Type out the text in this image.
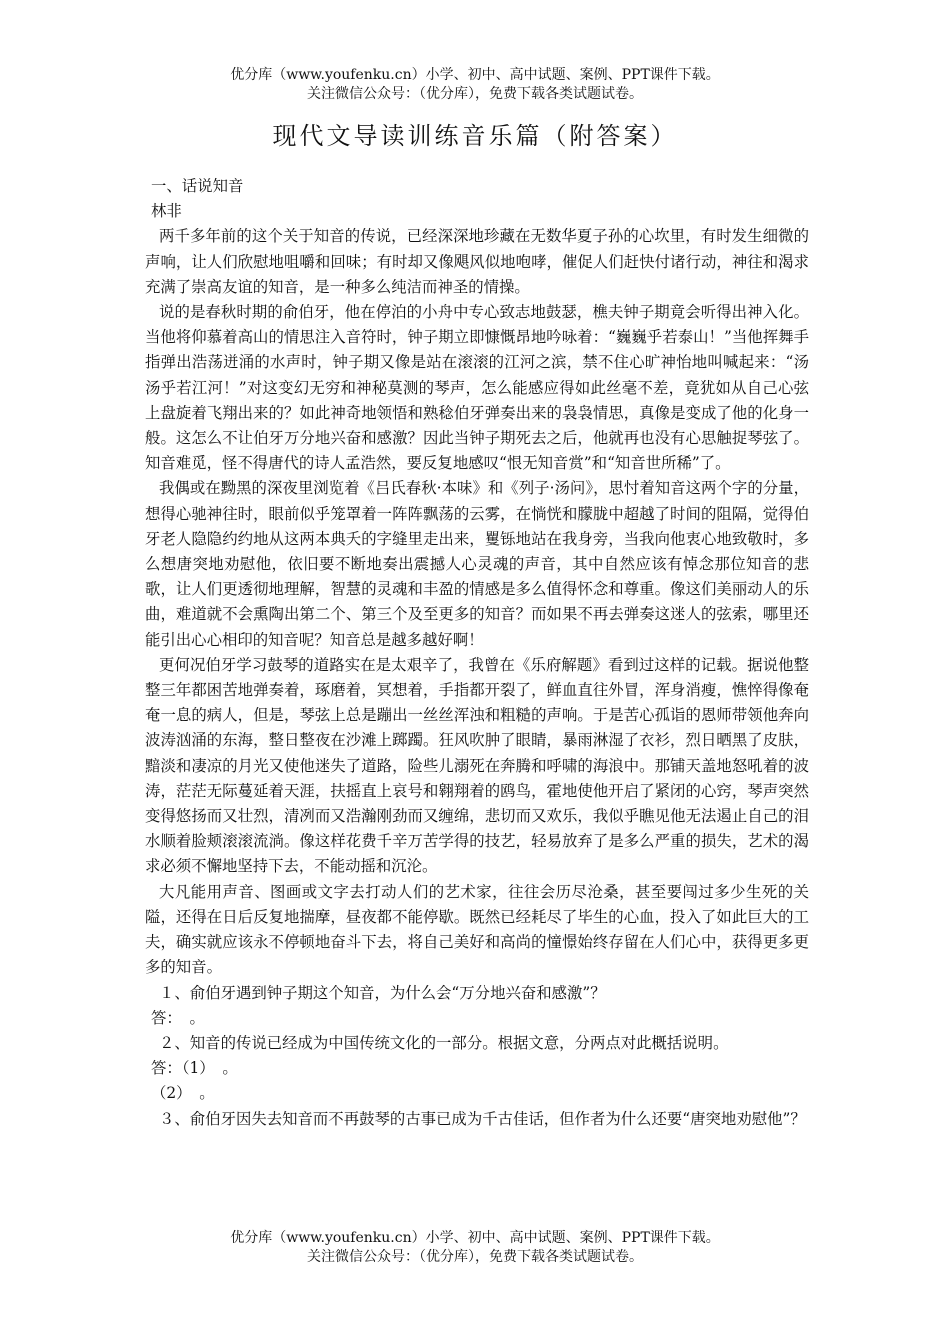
优分库（www.youfenku.cn）小学、初中、高中试题、案例、PPT课件下载。
关注微信公众号：（优分库），免费下载各类试题试卷。
现代文导读训练音乐篇（附答案）

一、话说知音

林非

两千多年前的这个关于知音的传说，已经深深地珍藏在无数华夏子孙的心坎里，有时发生细微的声响，让人们欣慰地咀嚼和回味；有时却又像飓风似地咆哮，催促人们赶快付诸行动，神往和渴求充满了崇高友谊的知音，是一种多么纯洁而神圣的情操。

说的是春秋时期的俞伯牙，他在停泊的小舟中专心致志地鼓瑟，樵夫钟子期竟会听得出神入化。当他将仰慕着高山的情思注入音符时，钟子期立即慷慨昂地吟咏着：“巍巍乎若泰山！”当他挥舞手指弹出浩荡迸涌的水声时，钟子期又像是站在滚滚的江河之滨，禁不住心旷神怡地叫喊起来：“汤汤乎若江河！”对这变幻无穷和神秘莫测的琴声，怎么能感应得如此丝毫不差，竟犹如从自己心弦上盘旋着飞翔出来的？如此神奇地领悟和熟稔伯牙弹奏出来的袅袅情思，真像是变成了他的化身一般。这怎么不让伯牙万分地兴奋和感激？因此当钟子期死去之后，他就再也没有心思触捉琴弦了。知音难觅，怪不得唐代的诗人孟浩然，要反复地感叹“恨无知音赏”和“知音世所稀”了。

我偶或在黝黑的深夜里浏览着《吕氏春秋·本味》和《列子·汤问》，思忖着知音这两个字的分量，想得心驰神往时，眼前似乎笼罩着一阵阵飘荡的云雾，在惝恍和朦胧中超越了时间的阻隔，觉得伯牙老人隐隐约约地从这两本典夭的字缝里走出来，矍铄地站在我身旁，当我向他衷心地致敬时，多么想唐突地劝慰他，依旧要不断地奏出震撼人心灵魂的声音，其中自然应该有悼念那位知音的悲歌，让人们更透彻地理解，智慧的灵魂和丰盈的情感是多么值得怀念和尊重。像这们美丽动人的乐曲，难道就不会熏陶出第二个、第三个及至更多的知音？而如果不再去弹奏这迷人的弦索，哪里还能引出心心相印的知音呢？知音总是越多越好啊！

更何况伯牙学习鼓琴的道路实在是太艰辛了，我曾在《乐府解题》看到过这样的记载。据说他整整三年都困苦地弹奏着，琢磨着，冥想着，手指都开裂了，鲜血直往外冒，浑身消瘦，憔悴得像奄奄一息的病人，但是，琴弦上总是蹦出一丝丝浑浊和粗糙的声响。于是苦心孤诣的恩师带领他奔向波涛汹涌的东海，整日整夜在沙滩上踯躅。狂风吹肿了眼睛，暴雨淋湿了衣衫，烈日晒黑了皮肤，黯淡和凄凉的月光又使他迷失了道路，险些儿溺死在奔腾和呼啸的海浪中。那铺天盖地怒吼着的波涛，茫茫无际蔓延着天涯，扶摇直上哀号和翱翔着的鸥鸟，霍地使他开启了紧闭的心窍，琴声突然变得悠扬而又壮烈，清冽而又浩瀚刚劲而又缠绵，悲切而又欢乐，我似乎瞧见他无法遏止自己的泪水顺着脸颊滚滚流淌。像这样花费千辛万苦学得的技艺，轻易放弃了是多么严重的损失，艺术的渴求必须不懈地坚持下去，不能动摇和沉沦。

大凡能用声音、图画或文字去打动人们的艺术家，往往会历尽沧桑，甚至要闯过多少生死的关隘，还得在日后反复地揣摩，昼夜都不能停歇。既然已经耗尽了毕生的心血，投入了如此巨大的工夫，确实就应该永不停顿地奋斗下去，将自己美好和高尚的憧憬始终存留在人们心中，获得更多更多的知音。

１、俞伯牙遇到钟子期这个知音，为什么会“万分地兴奋和感激”？

答：　。

２、知音的传说已经成为中国传统文化的一部分。根据文意，分两点对此概括说明。

答：（1）　。

（2）　。

３、俞伯牙因失去知音而不再鼓琴的古事已成为千古佳话，但作者为什么还要“唐突地劝慰他”？

优分库（www.youfenku.cn）小学、初中、高中试题、案例、PPT课件下载。
关注微信公众号：（优分库），免费下载各类试题试卷。
